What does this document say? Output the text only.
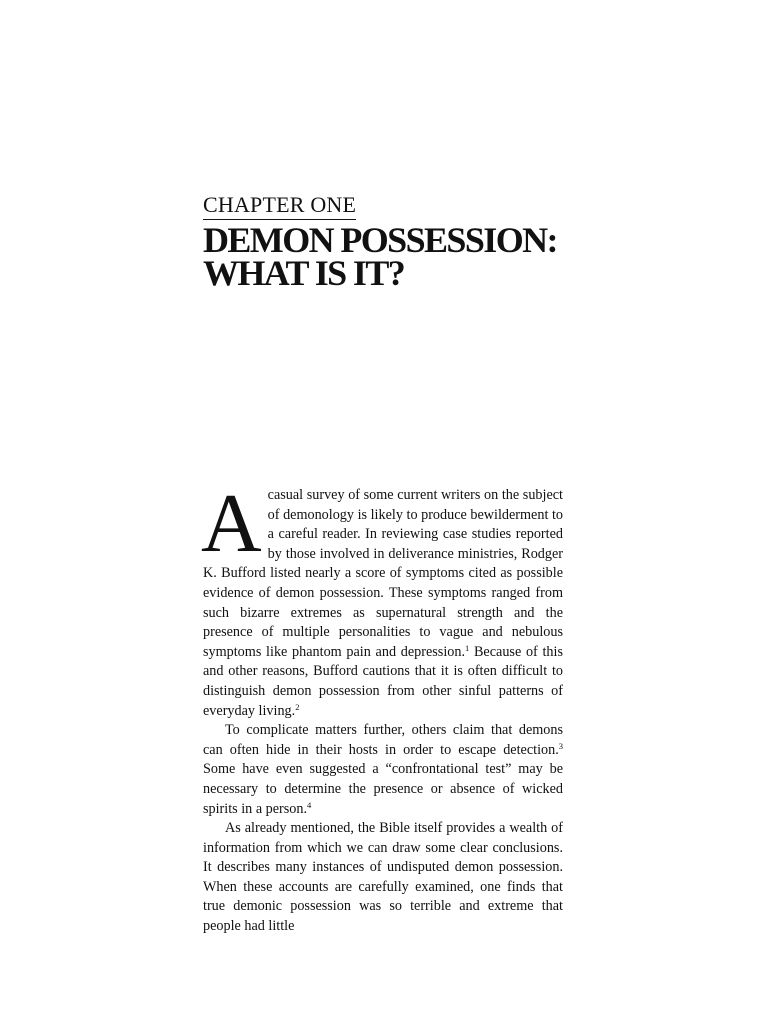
CHAPTER ONE
DEMON POSSESSION:
WHAT IS IT?

Acasual survey of some current writers on the subject of demonology is likely to produce bewilderment to a careful reader. In reviewing case studies reported by those involved in deliverance ministries, Rodger K. Bufford listed nearly a score of symptoms cited as possible evidence of demon possession. These symptoms ranged from such bizarre extremes as supernatural strength and the presence of multiple personalities to vague and nebulous symptoms like phantom pain and depression.$^1$ Because of this and other reasons, Bufford cautions that it is often difficult to distinguish demon possession from other sinful patterns of everyday living.$^2$

To complicate matters further, others claim that demons can often hide in their hosts in order to escape detection.$^3$ Some have even suggested a “confrontational test” may be necessary to determine the presence or absence of wicked spirits in a person.$^4$

As already mentioned, the Bible itself provides a wealth of information from which we can draw some clear conclusions. It describes many instances of undisputed demon possession. When these accounts are carefully examined, one finds that true demonic possession was so terrible and extreme that people had little
